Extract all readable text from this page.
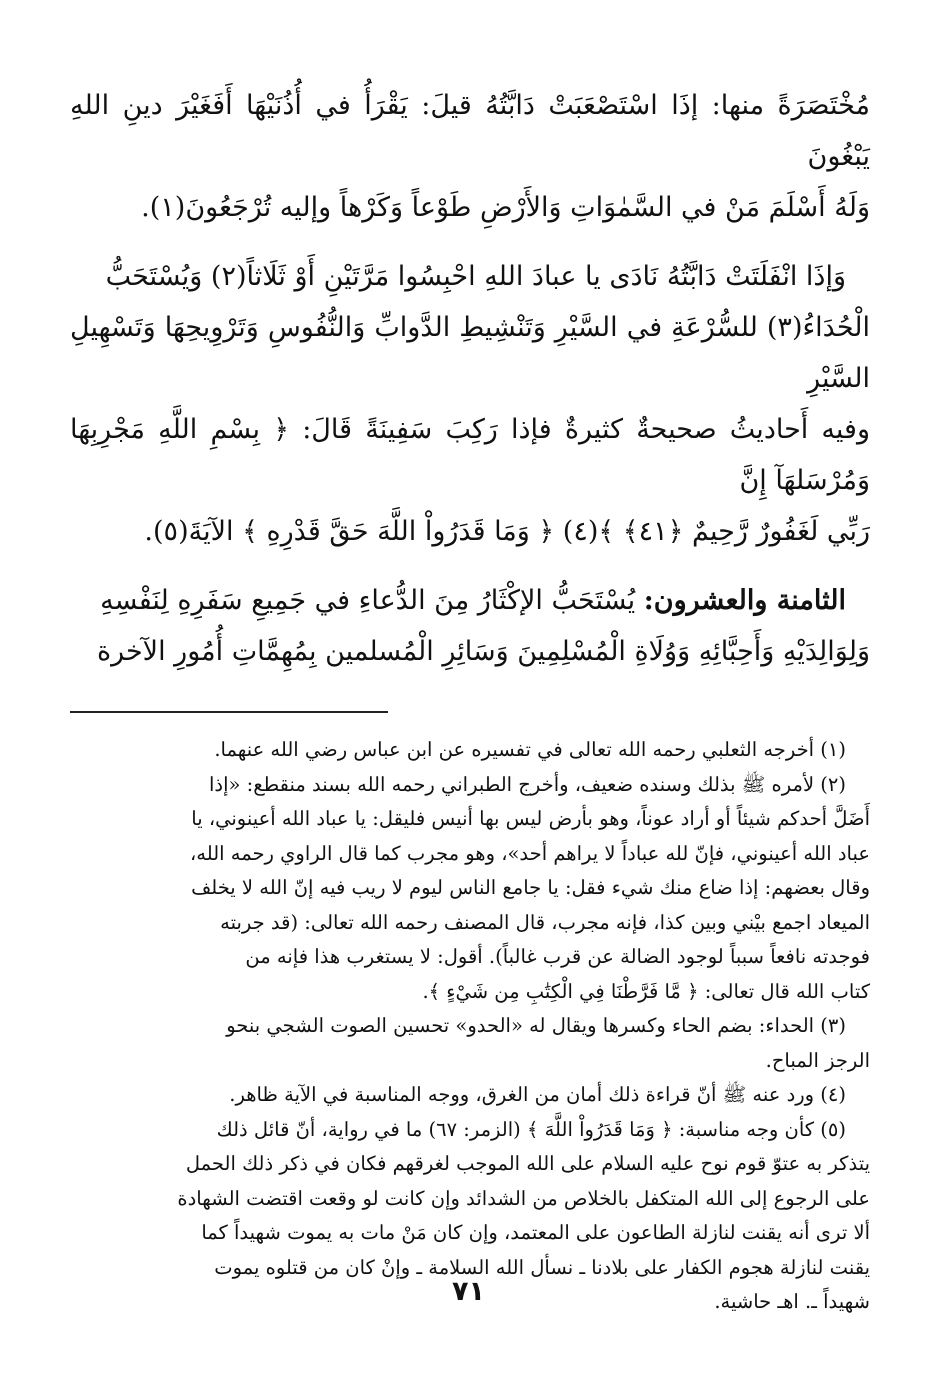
مُخْتَصَرَةً منها: إذَا اسْتَصْعَبَتْ دَابَّتُهُ قيلَ: يَقْرَأُ في أُذُنَيْهَا أَفَغَيْرَ دينِ اللهِ يَبْغُونَ

وَلَهُ أَسْلَمَ مَنْ في السَّمٰوَاتِ وَالأَرْضِ طَوْعاً وَكَرْهاً وإليه تُرْجَعُونَ(١).

وَإذَا انْفَلَتَتْ دَابَّتُهُ نَادَى يا عبادَ اللهِ احْبِسُوا مَرَّتَيْنِ أَوْ ثَلَاثاً(٢) وَيُسْتَحَبُّ

الْحُدَاءُ(٣) للسُّرْعَةِ في السَّيْرِ وَتَنْشِيطِ الدَّوابِّ وَالنُّفُوسِ وَتَرْوِيحِهَا وَتَسْهِيلِ السَّيْرِ

وفيه أَحاديثُ صحيحةٌ كثيرةٌ فإذا رَكِبَ سَفِينَةً قَالَ: ﴿ بِسْمِ اللَّهِ مَجْرِبِهَا وَمُرْسَلهَآ إِنَّ

رَبِّي لَغَفُورٌ رَّحِيمٌ ﴿٤١﴾ ﴾(٤) ﴿ وَمَا قَدَرُواْ اللَّهَ حَقَّ قَدْرِهِ ﴾ الآيَةَ(٥).

الثامنة والعشرون: يُسْتَحَبُّ الإكْثَارُ مِنَ الدُّعاءِ في جَمِيعِ سَفَرِهِ لِنَفْسِهِ

وَلِوَالِدَيْهِ وَأَحِبَّائِهِ وَوُلَاةِ الْمُسْلِمِينَ وَسَائِرِ الْمُسلمين بِمُهِمَّاتِ أُمُورِ الآخرة

(١) أخرجه الثعلبي رحمه الله تعالى في تفسيره عن ابن عباس رضي الله عنهما.

(٢) لأمره ﷺ بذلك وسنده ضعيف، وأخرج الطبراني رحمه الله بسند منقطع: «إذا

أَضَلَّ أحدكم شيئاً أو أراد عوناً، وهو بأرض ليس بها أنيس فليقل: يا عباد الله أعينوني، يا

عباد الله أعينوني، فإنّ لله عباداً لا يراهم أحد»، وهو مجرب كما قال الراوي رحمه الله،

وقال بعضهم: إذا ضاع منك شيء فقل: يا جامع الناس ليوم لا ريب فيه إنّ الله لا يخلف

الميعاد اجمع بيْني وبين كذا، فإنه مجرب، قال المصنف رحمه الله تعالى: (قد جربته

فوجدته نافعاً سبباً لوجود الضالة عن قرب غالباً). أقول: لا يستغرب هذا فإنه من

كتاب الله قال تعالى: ﴿ مَّا فَرَّطْنَا فِي الْكِتَٰبِ مِن شَيْءٍ ﴾.

(٣) الحداء: بضم الحاء وكسرها ويقال له «الحدو» تحسين الصوت الشجي بنحو

الرجز المباح.

(٤) ورد عنه ﷺ أنّ قراءة ذلك أمان من الغرق، ووجه المناسبة في الآية ظاهر.

(٥) كأن وجه مناسبة: ﴿ وَمَا قَدَرُواْ اللَّهَ ﴾ (الزمر: ٦٧) ما في رواية، أنّ قائل ذلك

يتذكر به عتوّ قوم نوح عليه السلام على الله الموجب لغرقهم فكان في ذكر ذلك الحمل

على الرجوع إلى الله المتكفل بالخلاص من الشدائد وإن كانت لو وقعت اقتضت الشهادة

ألا ترى أنه يقنت لنازلة الطاعون على المعتمد، وإن كان مَنْ مات به يموت شهيداً كما

يقنت لنازلة هجوم الكفار على بلادنا ـ نسأل الله السلامة ـ وإنْ كان من قتلوه يموت

شهيداً ـ. اهـ حاشية.

٧١
